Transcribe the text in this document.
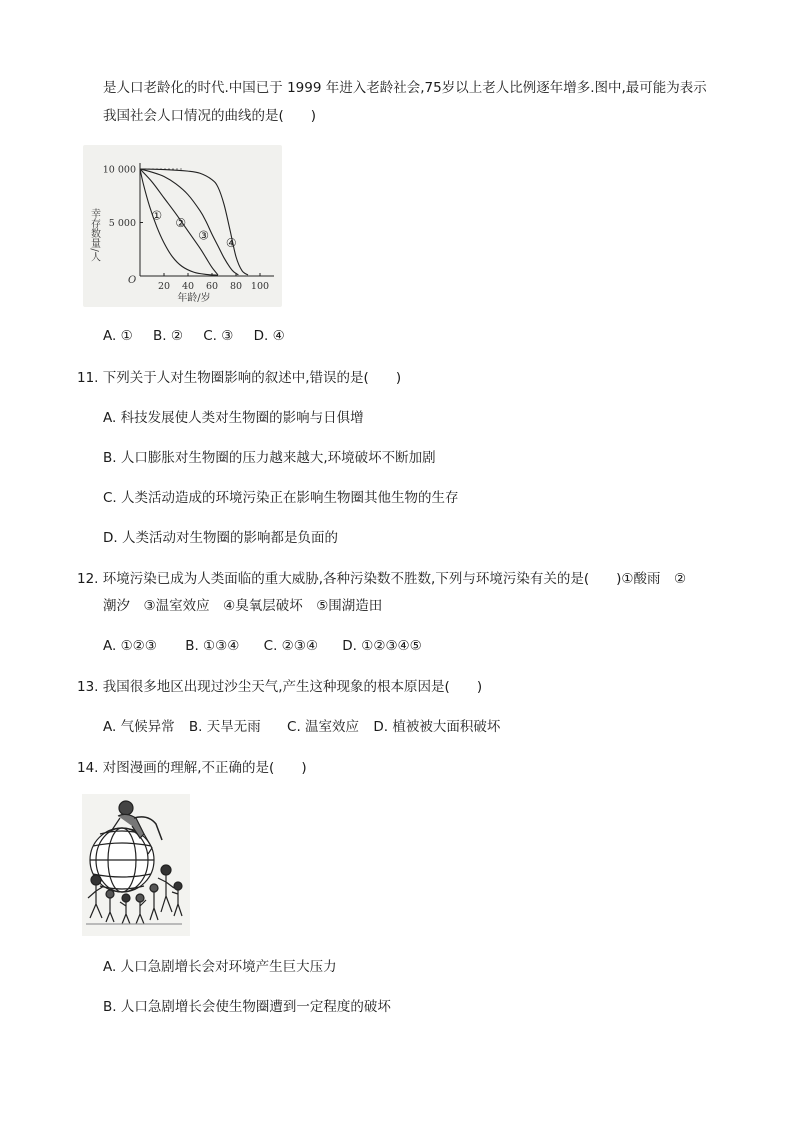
是人口老龄化的时代.中国已于 1999 年进入老龄社会,75岁以上老人比例逐年增多.图中,最可能为表示
我国社会人口情况的曲线的是(　　)
20 40 60 80 100
5 000
10 000
①
②
③
④
幸存数量/人
年龄/岁
O
A. ① B. ② C. ③ D. ④
11. 下列关于人对生物圈影响的叙述中,错误的是(　　)
A. 科技发展使人类对生物圈的影响与日俱增
B. 人口膨胀对生物圈的压力越来越大,环境破坏不断加剧
C. 人类活动造成的环境污染正在影响生物圈其他生物的生存
D. 人类活动对生物圈的影响都是负面的
12. 环境污染已成为人类面临的重大威胁,各种污染数不胜数,下列与环境污染有关的是(　　)①酸雨　②
潮汐　③温室效应　④臭氧层破坏　⑤围湖造田
A. ①②③ B. ①③④ C. ②③④ D. ①②③④⑤
13. 我国很多地区出现过沙尘天气,产生这种现象的根本原因是(　　)
A. 气候异常 B. 天旱无雨 C. 温室效应 D. 植被被大面积破坏
14. 对图漫画的理解,不正确的是(　　)
A. 人口急剧增长会对环境产生巨大压力
B. 人口急剧增长会使生物圈遭到一定程度的破坏
